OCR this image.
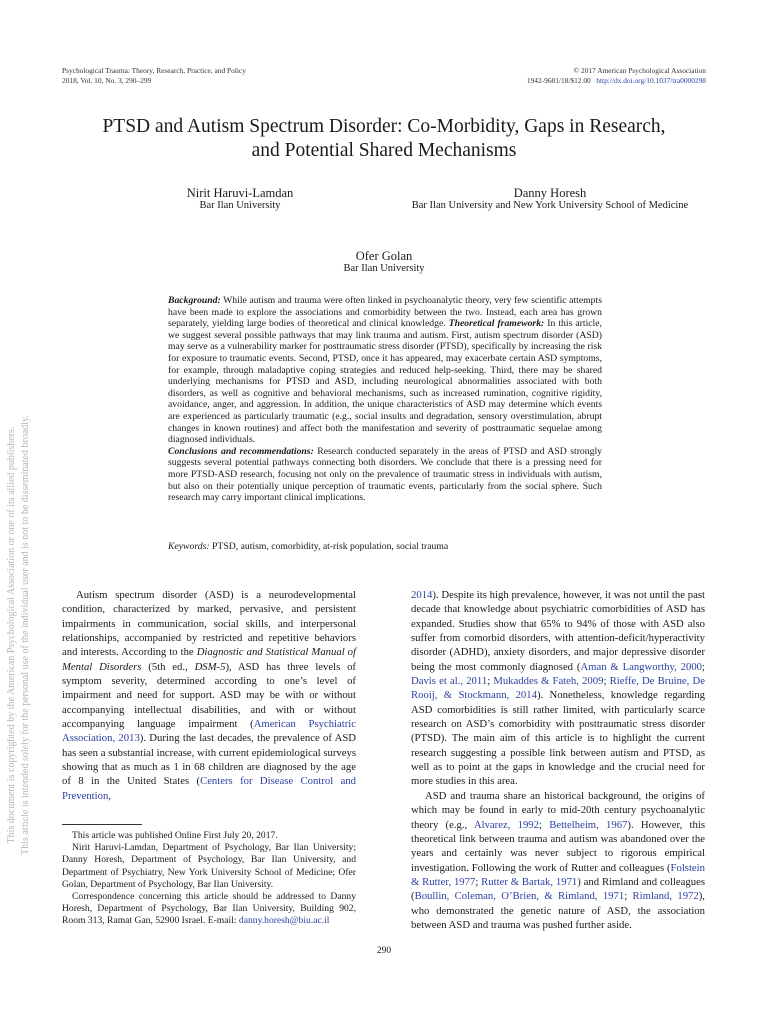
Psychological Trauma: Theory, Research, Practice, and Policy
2018, Vol. 10, No. 3, 290–299
© 2017 American Psychological Association
1942-9681/18/$12.00 http://dx.doi.org/10.1037/tra0000298
PTSD and Autism Spectrum Disorder: Co-Morbidity, Gaps in Research,
and Potential Shared Mechanisms
Nirit Haruvi-Lamdan
Bar Ilan University
Danny Horesh
Bar Ilan University and New York University School of Medicine
Ofer Golan
Bar Ilan University
Background: While autism and trauma were often linked in psychoanalytic theory, very few scientific attempts have been made to explore the associations and comorbidity between the two. Instead, each area has grown separately, yielding large bodies of theoretical and clinical knowledge. Theoretical framework: In this article, we suggest several possible pathways that may link trauma and autism. First, autism spectrum disorder (ASD) may serve as a vulnerability marker for posttraumatic stress disorder (PTSD), specifically by increasing the risk for exposure to traumatic events. Second, PTSD, once it has appeared, may exacerbate certain ASD symptoms, for example, through maladaptive coping strategies and reduced help-seeking. Third, there may be shared underlying mechanisms for PTSD and ASD, including neurological abnormalities associated with both disorders, as well as cognitive and behavioral mechanisms, such as increased rumination, cognitive rigidity, avoidance, anger, and aggression. In addition, the unique characteristics of ASD may determine which events are experienced as particularly traumatic (e.g., social insults and degradation, sensory overstimulation, abrupt changes in known routines) and affect both the manifestation and severity of posttraumatic sequelae among diagnosed individuals.
Conclusions and recommendations: Research conducted separately in the areas of PTSD and ASD strongly suggests several potential pathways connecting both disorders. We conclude that there is a pressing need for more PTSD-ASD research, focusing not only on the prevalence of traumatic stress in individuals with autism, but also on their potentially unique perception of traumatic events, particularly from the social sphere. Such research may carry important clinical implications.
Keywords: PTSD, autism, comorbidity, at-risk population, social trauma

Autism spectrum disorder (ASD) is a neurodevelopmental condition, characterized by marked, pervasive, and persistent impairments in communication, social skills, and interpersonal relationships, accompanied by restricted and repetitive behaviors and interests. According to the Diagnostic and Statistical Manual of Mental Disorders (5th ed., DSM-5), ASD has three levels of symptom severity, determined according to one’s level of impairment and need for support. ASD may be with or without accompanying intellectual disabilities, and with or without accompanying language impairment (American Psychiatric Association, 2013). During the last decades, the prevalence of ASD has seen a substantial increase, with current epidemiological surveys showing that as much as 1 in 68 children are diagnosed by the age of 8 in the United States (Centers for Disease Control and Prevention,

2014). Despite its high prevalence, however, it was not until the past decade that knowledge about psychiatric comorbidities of ASD has expanded. Studies show that 65% to 94% of those with ASD also suffer from comorbid disorders, with attention-deficit/hyperactivity disorder (ADHD), anxiety disorders, and major depressive disorder being the most commonly diagnosed (Aman & Langworthy, 2000; Davis et al., 2011; Mukaddes & Fateh, 2009; Rieffe, De Bruine, De Rooij, & Stockmann, 2014). Nonetheless, knowledge regarding ASD comorbidities is still rather limited, with particularly scarce research on ASD’s comorbidity with posttraumatic stress disorder (PTSD). The main aim of this article is to highlight the current research suggesting a possible link between autism and PTSD, as well as to point at the gaps in knowledge and the crucial need for more studies in this area.

ASD and trauma share an historical background, the origins of which may be found in early to mid-20th century psychoanalytic theory (e.g., Alvarez, 1992; Bettelheim, 1967). However, this theoretical link between trauma and autism was abandoned over the years and certainly was never subject to rigorous empirical investigation. Following the work of Rutter and colleagues (Folstein & Rutter, 1977; Rutter & Bartak, 1971) and Rimland and colleagues (Boullin, Coleman, O’Brien, & Rimland, 1971; Rimland, 1972), who demonstrated the genetic nature of ASD, the association between ASD and trauma was pushed further aside.

This article was published Online First July 20, 2017.

Nirit Haruvi-Lamdan, Department of Psychology, Bar Ilan University; Danny Horesh, Department of Psychology, Bar Ilan University, and Department of Psychiatry, New York University School of Medicine; Ofer Golan, Department of Psychology, Bar Ilan University.

Correspondence concerning this article should be addressed to Danny Horesh, Department of Psychology, Bar Ilan University, Building 902, Room 313, Ramat Gan, 52900 Israel. E-mail: danny.horesh@biu.ac.il

290
This document is copyrighted by the American Psychological Association or one of its allied publishers. This article is intended solely for the personal use of the individual user and is not to be disseminated broadly.
